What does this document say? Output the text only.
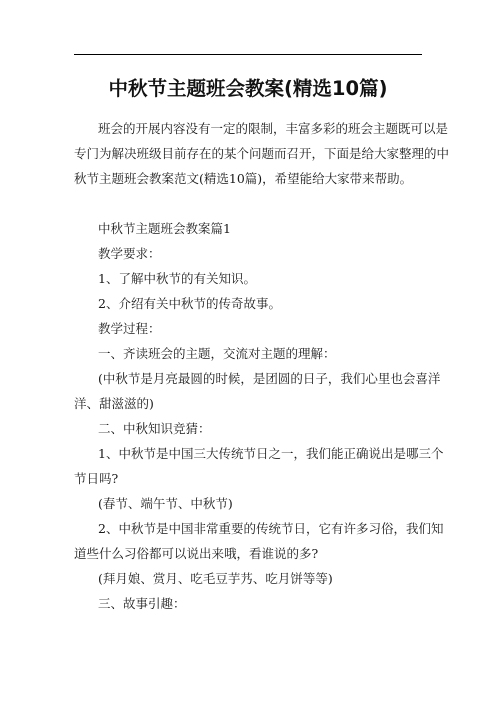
中秋节主题班会教案(精选10篇)
班会的开展内容没有一定的限制，丰富多彩的班会主题既可以是
专门为解决班级目前存在的某个问题而召开，下面是给大家整理的中
秋节主题班会教案范文(精选10篇)，希望能给大家带来帮助。
中秋节主题班会教案篇1
教学要求：
1、了解中秋节的有关知识。
2、介绍有关中秋节的传奇故事。
教学过程：
一、齐读班会的主题，交流对主题的理解：
(中秋节是月亮最圆的时候，是团圆的日子，我们心里也会喜洋
洋、甜滋滋的)
二、中秋知识竞猜：
1、中秋节是中国三大传统节日之一，我们能正确说出是哪三个
节日吗?
(春节、端午节、中秋节)
2、中秋节是中国非常重要的传统节日，它有许多习俗，我们知
道些什么习俗都可以说出来哦，看谁说的多?
(拜月娘、赏月、吃毛豆芋艿、吃月饼等等)
三、故事引趣：
